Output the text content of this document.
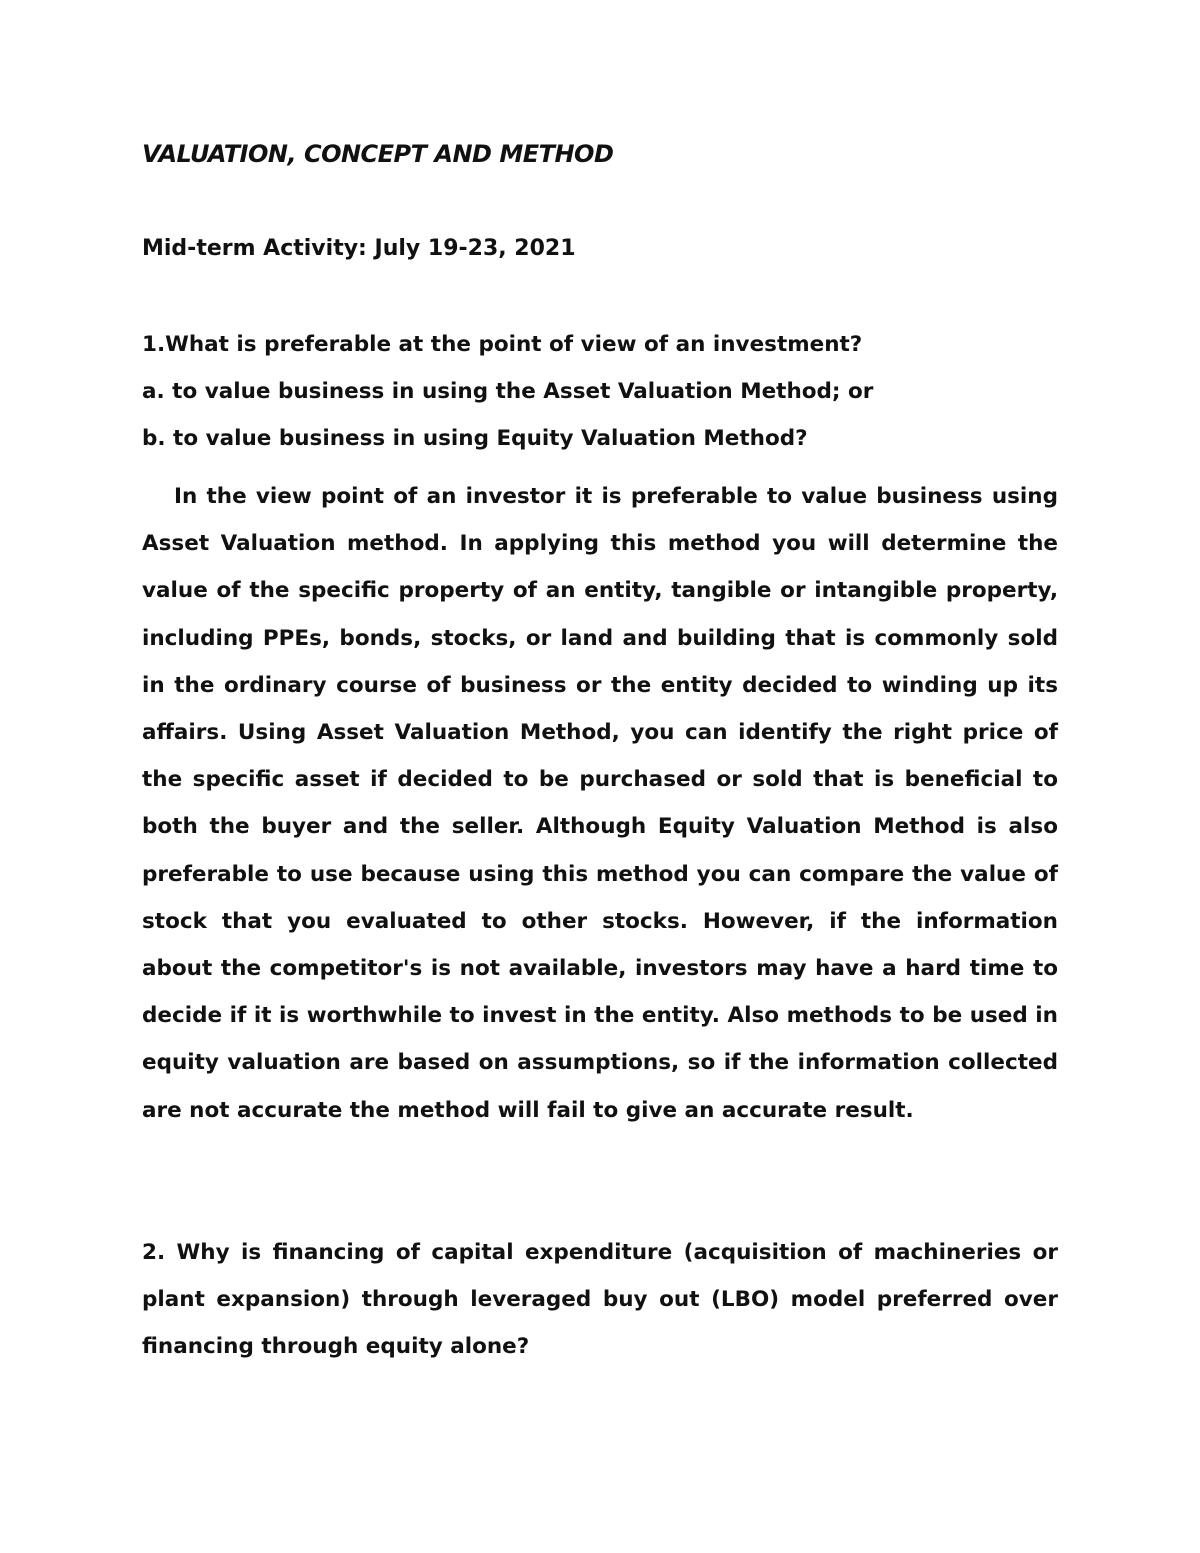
VALUATION, CONCEPT AND METHOD
Mid-term Activity: July 19-23, 2021
1.What is preferable at the point of view of an investment?
a. to value business in using the Asset Valuation Method; or
b. to value business in using Equity Valuation Method?

In the view point of an investor it is preferable to value business using Asset Valuation method. In applying this method you will determine the value of the specific property of an entity, tangible or intangible property, including PPEs, bonds, stocks, or land and building that is commonly sold in the ordinary course of business or the entity decided to winding up its affairs. Using Asset Valuation Method, you can identify the right price of the specific asset if decided to be purchased or sold that is beneficial to both the buyer and the seller. Although Equity Valuation Method is also preferable to use because using this method you can compare the value of stock that you evaluated to other stocks. However, if the information about the competitor's is not available, investors may have a hard time to decide if it is worthwhile to invest in the entity. Also methods to be used in equity valuation are based on assumptions, so if the information collected are not accurate the method will fail to give an accurate result.

2. Why is financing of capital expenditure (acquisition of machineries or plant expansion) through leveraged buy out (LBO) model preferred over financing through equity alone?
